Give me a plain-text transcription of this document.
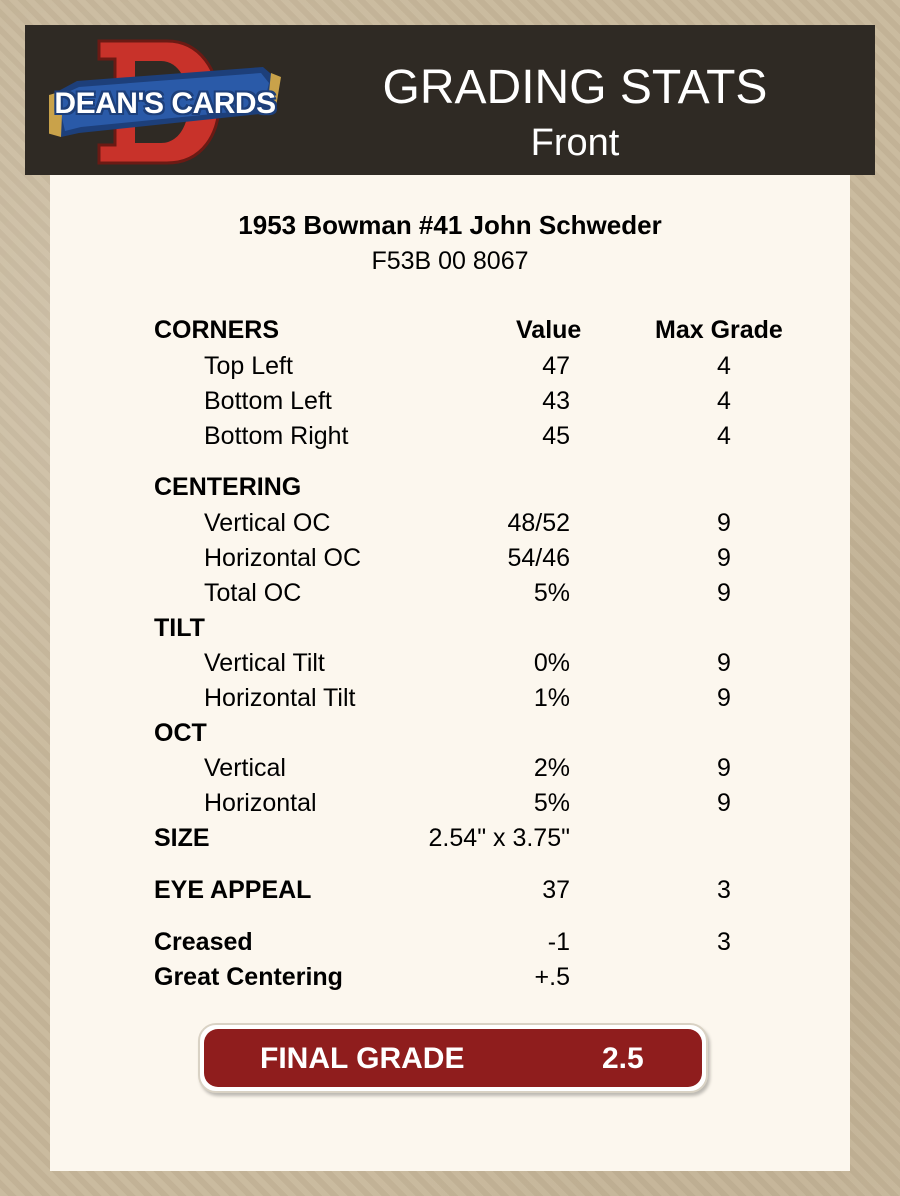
DEAN'S CARDS	GRADING STATS
Front
1953 Bowman #41 John Schweder
F53B 00 8067
CORNERS	Value	Max Grade
Top Left	47	4
Bottom Left	43	4
Bottom Right	45	4
CENTERING
Vertical OC	48/52	9
Horizontal OC	54/46	9
Total OC	5%	9
TILT
Vertical Tilt	0%	9
Horizontal Tilt	1%	9
OCT
Vertical	2%	9
Horizontal	5%	9
SIZE	2.54" x 3.75"
EYE APPEAL	37	3
Creased	-1	3
Great Centering	+.5
FINAL GRADE	2.5
